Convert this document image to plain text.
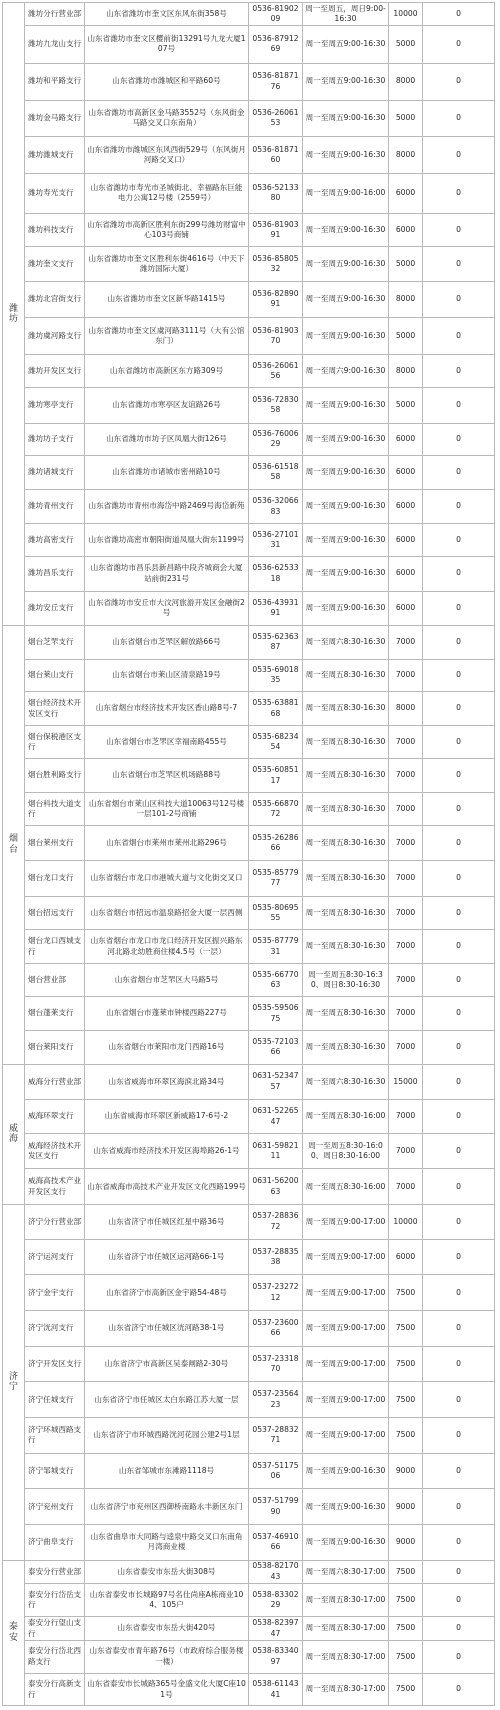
潍坊	潍坊分行营业部	山东省潍坊市奎文区东风东街358号	0536-8190209	周一至周五，周日9:00-16:30	10000	0
	潍坊九龙山支行	山东省潍坊市奎文区樱前街13291号九龙大厦107号	0536-8791269	周一至周五9:00-16:30	5000	0
	潍坊和平路支行	山东省潍坊市潍城区和平路60号	0536-8187176	周一至周五9:00-16:30	8000	0
	潍坊金马路支行	山东省潍坊市高新区金马路3552号（东风街金马路交叉口东南角）	0536-2606153	周一至周五9:00-16:30	5000	0
	潍坊潍城支行	山东省潍坊市潍城区东风西街529号（东风街月河路交叉口）	0536-8187160	周一至周五9:00-16:30	8000	0
	潍坊寿光支行	山东省潍坊市寿光市圣城街北、幸福路东巨能电力公寓12号楼（2559号）	0536-5213380	周一至周五9:00-16:00	6000	0
	潍坊科技支行	山东省潍坊市高新区胜利东街299号潍坊财富中心103号商铺	0536-8190391	周一至周五9:00-16:30	6000	0
	潍坊奎文支行	山东省潍坊市奎文区胜利东街4616号（中天下潍坊国际大厦）	0536-8580532	周一至周五9:00-16:30	5000	0
	潍坊北宫街支行	山东省潍坊市奎文区新华路1415号	0536-8289091	周一至周五9:00-16:30	8000	0
	潍坊虞河路支行	山东省潍坊市奎文区虞河路3111号（大有公馆东门）	0536-8190370	周一至周五9:00-16:30	5000	0
	潍坊开发区支行	山东省潍坊市高新区东方路309号	0536-2606156	周一至周六9:00-16:30	8000	0
	潍坊寒亭支行	山东省潍坊市寒亭区友谊路26号	0536-7283058	周一至周五9:00-16:30	5000	0
	潍坊坊子支行	山东省潍坊市坊子区凤凰大街126号	0536-7600629	周一至周五9:00-16:30	6000	0
	潍坊诸城支行	山东省潍坊市诸城市密州路10号	0536-6151858	周一至周五9:00-16:30	6000	0
	潍坊青州支行	山东省潍坊市青州市海岱中路2469号海岱新苑	0536-3206683	周一至周五9:00-16:30	6000	0
	潍坊高密支行	山东省潍坊高密市朝阳街道凤凰大街东1199号	0536-2710131	周一至周五9:00-16:30	6000	0
	潍坊昌乐支行	山东省潍坊市昌乐县新昌路中段齐城商会大厦站前街231号	0536-6253318	周一至周五9:00-16:30	6000	0
	潍坊安丘支行	山东省潍坊市安丘市大汶河旅游开发区金融街2号	0536-4393191	周一至周五9:00-16:30	6000	0
烟台	烟台芝罘支行	山东省烟台市芝罘区解放路66号	0535-6236387	周一至周六8:30-16:30	7000	0
	烟台莱山支行	山东省烟台市莱山区清泉路19号	0535-6901835	周一至周五8:30-16:30	7000	0
	烟台经济技术开发区支行	山东省烟台市经济技术开发区香山路8号-7	0535-6388168	周一至周五8:30-16:30	8000	0
	烟台保税港区支行	山东省烟台市芝罘区幸福南路455号	0535-6823454	周一至周五8:30-16:30	7000	0
	烟台胜利路支行	山东省烟台市芝罘区机场路88号	0535-6085117	周一至周五8:30-16:30	7000	0
	烟台科技大道支行	山东省烟台市莱山区科技大道10063号12号楼一层101-2号商铺	0535-6687072	周一至周五8:30-16:30	7000	0
	烟台莱州支行	山东省烟台市莱州市莱州北路296号	0535-2628666	周一至周五8:30-16:30	7000	0
	烟台龙口支行	山东省烟台市龙口市港城大道与文化街交叉口	0535-8577977	周一至周五8:30-16:30	7000	0
	烟台招远支行	山东省烟台市招远市温泉路招金大厦一层西侧	0535-8069555	周一至周五8:30-16:30	7000	0
	烟台龙口西城支行	山东省烟台市龙口市龙口经济开发区振兴路东河北路北幼胜商住楼4.5号（一层）	0535-8777931	周一至周五8:30-16:30	7000	0
	烟台营业部	山东省烟台市芝罘区大马路5号	0535-6677063	周一至周五8:30-16:30、周日8:30-16:30	7000	0
	烟台蓬莱支行	山东省烟台市蓬莱市钟楼西路227号	0535-5950675	周一至周五8:30-16:30	7000	0
	烟台莱阳支行	山东省烟台市莱阳市龙门西路16号	0535-7210366	周一至周五8:30-16:30	7000	0
威海	威海分行营业部	山东省威海市环翠区海滨北路34号	0631-5234757	周一至周六8:30-16:30	15000	0
	威海环翠支行	山东省威海市环翠区新威路17-6号-2	0631-5226547	周一至周五8:30-16:00	7000	0
	威海经济技术开发区支行	山东省威海市经济技术开发区海埠路26-1号	0631-5982111	周一至周五8:30-16:00、周日8:30-16:00	7000	0
	威海高技术产业开发区支行	山东省威海市高技术产业开发区文化西路199号	0631-5620063	周一至周五8:30-16:00	7000	0
济宁	济宁分行营业部	山东省济宁市任城区红星中路36号	0537-2883672	周一至周五9:00-17:00	10000	0
	济宁运河支行	山东省济宁市任城区运河路66-1号	0537-2883538	周一至周五9:00-17:00	6000	0
	济宁金宇支行	山东省济宁市高新区金宇路54-48号	0537-2327212	周一至周五9:00-17:00	7500	0
	济宁洸河支行	山东省济宁市任城区洸河路38-1号	0537-2360066	周一至周五9:00-17:00	7500	0
	济宁开发区支行	山东省济宁市高新区吴泰闸路2-30号	0537-2331870	周一至周五9:00-17:00	7500	0
	济宁任城支行	山东省济宁市任城区太白东路江苏大厦一层	0537-2356423	周一至周五9:00-17:00	7500	0
	济宁环城西路支行	山东省济宁市环城西路洸河花园公建2号1层	0537-2883271	周一至周五9:00-17:00	7500	0
	济宁邹城支行	山东省邹城市东滩路1118号	0537-5117506	周一至周五9:00-16:30	9000	0
	济宁兖州支行	山东省济宁市兖州区西御桥南路永丰新区东门	0537-5179990	周一至周五9:00-16:30	9000	0
	济宁曲阜支行	山东省曲阜市大同路与逵泉中路交叉口东南角月湾商业楼	0537-4691066	周一至周五9:00-16:30	9000	0
泰安	泰安分行营业部	山东省泰安市东岳大街308号	0538-8217043	周一至周六8:30-17:00	7500	0
	泰安分行岱岳支行	山东省泰安市长城路97号名仕尚座A栋商业104、105户	0538-8330229	周一至周五8:30-17:00	7500	0
	泰安分行望山支行	山东省泰安市东岳大街420号	0538-8239747	周一至周五8:30-17:00	7500	0
	泰安分行岱北西路支行	山东省泰安市青年路76号（市政府综合服务楼一楼）	0538-8334097	周一至周五8:30-17:00	7500	0
	泰安分行高新支行	山东省泰安市长城路365号金盛文化大厦C座101号	0538-6114341	周一至周五8:30-17:00	7500	0
